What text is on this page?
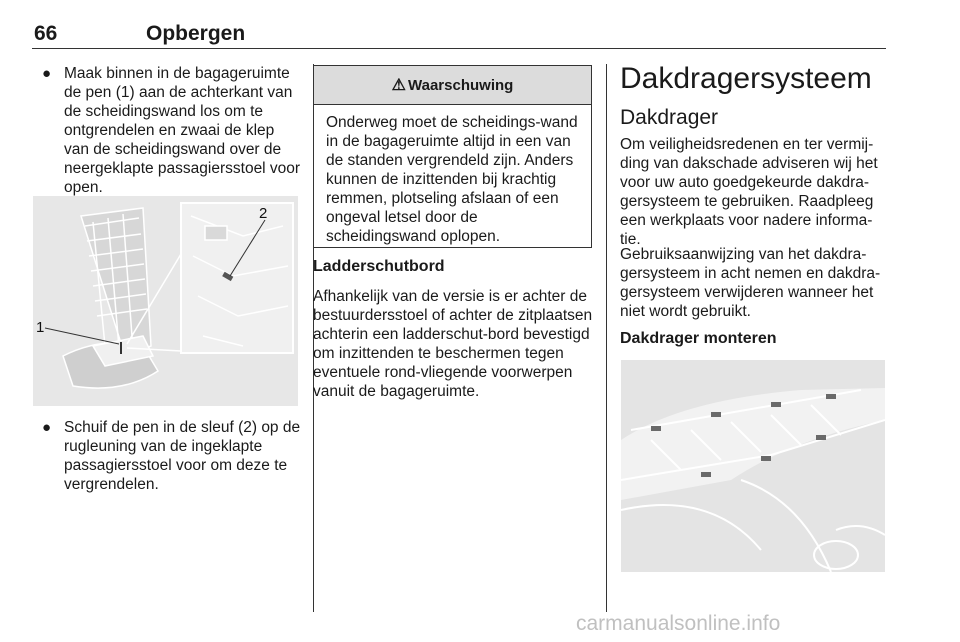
66	Opbergen
● Maak binnen in de bagageruimte de pen (1) aan de achterkant van de scheidingswand los om te ontgrendelen en zwaai de klep van de scheidingswand over de neergeklapte passagiersstoel voor open.
1
2
● Schuif de pen in de sleuf (2) op de rugleuning van de ingeklapte passagiersstoel voor om deze te vergrendelen.
⚠ Waarschuwing
Onderweg moet de scheidings-wand in de bagageruimte altijd in een van de standen vergrendeld zijn. Anders kunnen de inzittenden bij krachtig remmen, plotseling afslaan of een ongeval letsel door de scheidingswand oplopen.
Ladderschutbord
Afhankelijk van de versie is er achter de bestuurdersstoel of achter de zitplaatsen achterin een ladderschut-bord bevestigd om inzittenden te beschermen tegen eventuele rond-vliegende voorwerpen vanuit de bagageruimte.
Dakdragersysteem
Dakdrager
Om veiligheidsredenen en ter vermij-ding van dakschade adviseren wij het voor uw auto goedgekeurde dakdra-gersysteem te gebruiken. Raadpleeg een werkplaats voor nadere informa-tie.
Gebruiksaanwijzing van het dakdra-gersysteem in acht nemen en dakdra-gersysteem verwijderen wanneer het niet wordt gebruikt.
Dakdrager monteren
carmanualsonline.info
